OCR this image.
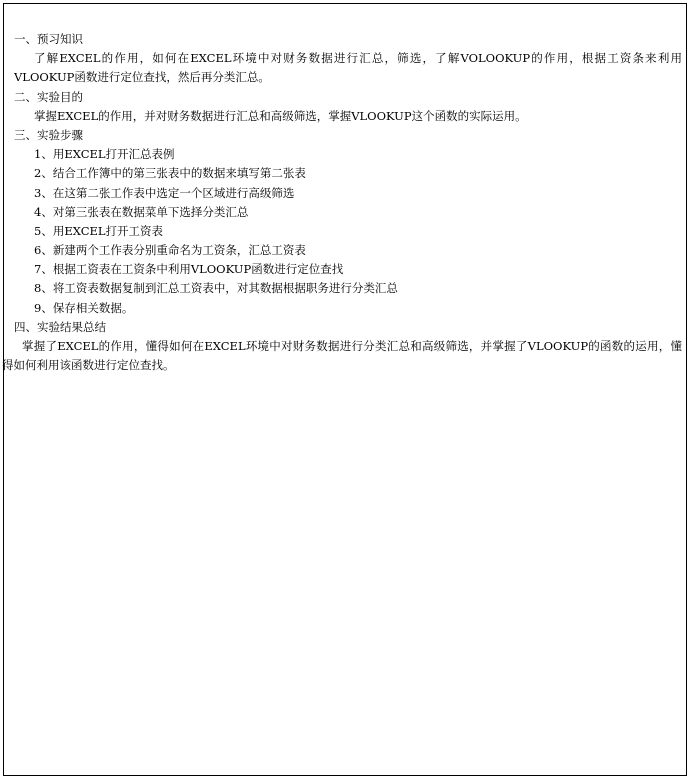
一、预习知识
了解EXCEL的作用，如何在EXCEL环境中对财务数据进行汇总，筛选，了解VOLOOKUP的作用，根据工资条来利用VLOOKUP函数进行定位查找，然后再分类汇总。
二、实验目的
掌握EXCEL的作用，并对财务数据进行汇总和高级筛选，掌握VLOOKUP这个函数的实际运用。
三、实验步骤
1、用EXCEL打开汇总表例
2、结合工作簿中的第三张表中的数据来填写第二张表
3、在这第二张工作表中选定一个区域进行高级筛选
4、对第三张表在数据菜单下选择分类汇总
5、用EXCEL打开工资表
6、新建两个工作表分别重命名为工资条，汇总工资表
7、根据工资表在工资条中利用VLOOKUP函数进行定位查找
8、将工资表数据复制到汇总工资表中，对其数据根据职务进行分类汇总
9、保存相关数据。
四、实验结果总结
掌握了EXCEL的作用，懂得如何在EXCEL环境中对财务数据进行分类汇总和高级筛选，并掌握了VLOOKUP的函数的运用，懂得如何利用该函数进行定位查找。
